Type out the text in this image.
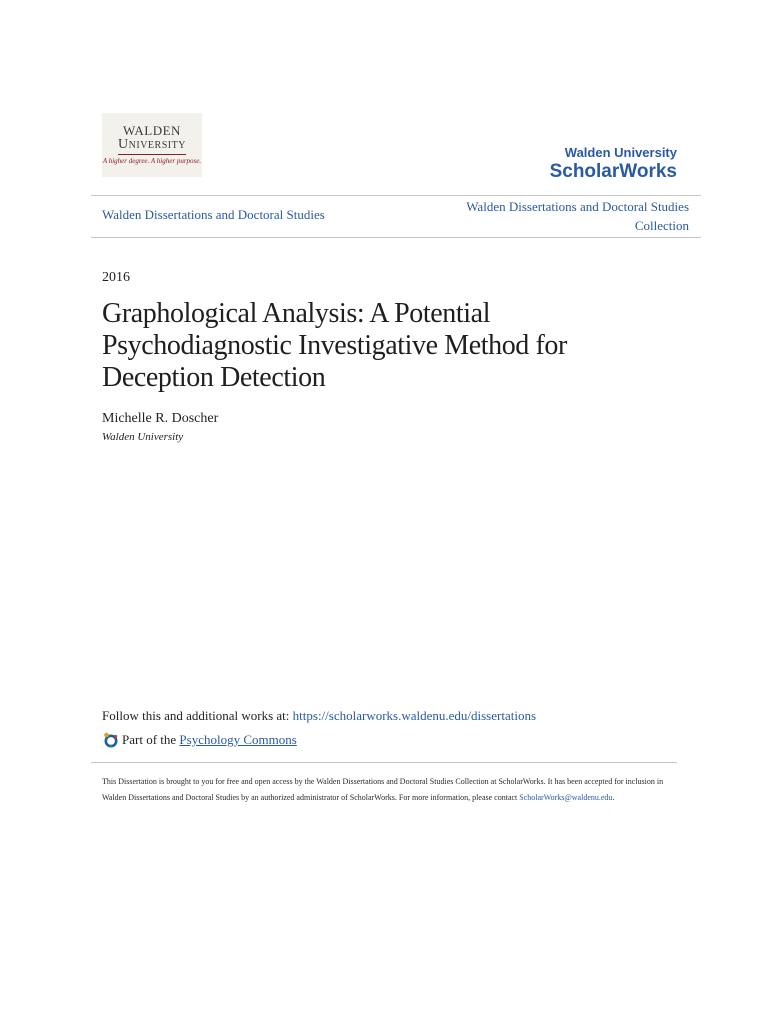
WALDEN
University
A higher degree. A higher purpose.
Walden University
ScholarWorks
Walden Dissertations and Doctoral Studies
Walden Dissertations and Doctoral Studies
Collection
2016
Graphological Analysis: A Potential
Psychodiagnostic Investigative Method for
Deception Detection
Michelle R. Doscher
Walden University
Follow this and additional works at: https://scholarworks.waldenu.edu/dissertations
Part of the Psychology Commons
This Dissertation is brought to you for free and open access by the Walden Dissertations and Doctoral Studies Collection at ScholarWorks. It has been accepted for inclusion in Walden Dissertations and Doctoral Studies by an authorized administrator of ScholarWorks. For more information, please contact ScholarWorks@waldenu.edu.
